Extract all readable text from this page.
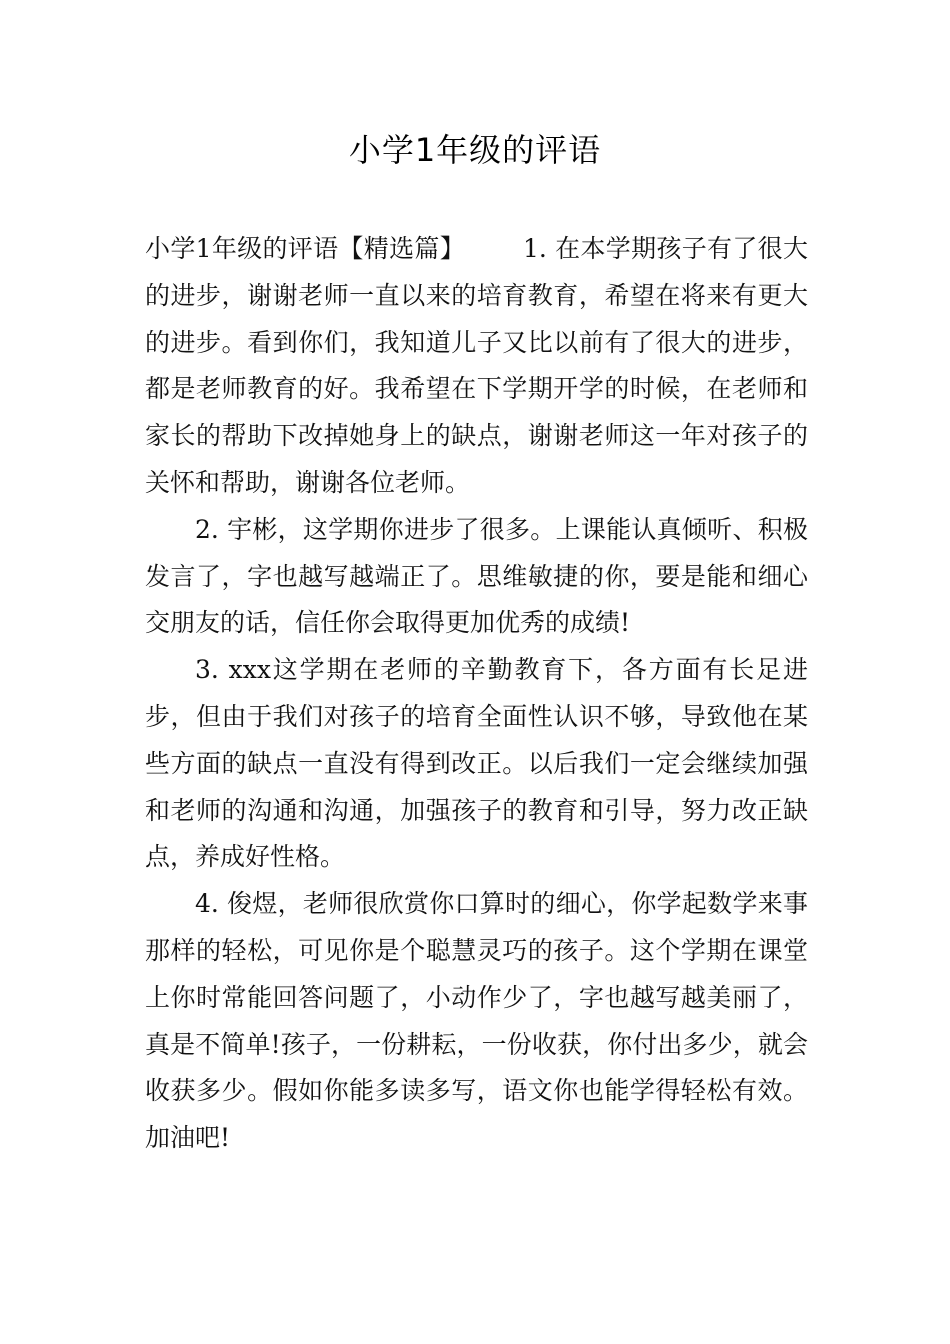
小学1年级的评语

小学1年级的评语【精选篇】 1. 在本学期孩子有了很大的进步，谢谢老师一直以来的培育教育，希望在将来有更大的进步。看到你们，我知道儿子又比以前有了很大的进步，都是老师教育的好。我希望在下学期开学的时候，在老师和家长的帮助下改掉她身上的缺点，谢谢老师这一年对孩子的关怀和帮助，谢谢各位老师。

2. 宇彬，这学期你进步了很多。上课能认真倾听、积极发言了，字也越写越端正了。思维敏捷的你，要是能和细心交朋友的话，信任你会取得更加优秀的成绩!

3. xxx这学期在老师的辛勤教育下，各方面有长足进步，但由于我们对孩子的培育全面性认识不够，导致他在某些方面的缺点一直没有得到改正。以后我们一定会继续加强和老师的沟通和沟通，加强孩子的教育和引导，努力改正缺点，养成好性格。

4. 俊煜，老师很欣赏你口算时的细心，你学起数学来事那样的轻松，可见你是个聪慧灵巧的孩子。这个学期在课堂上你时常能回答问题了，小动作少了，字也越写越美丽了，真是不简单!孩子，一份耕耘，一份收获，你付出多少，就会收获多少。假如你能多读多写，语文你也能学得轻松有效。加油吧!
